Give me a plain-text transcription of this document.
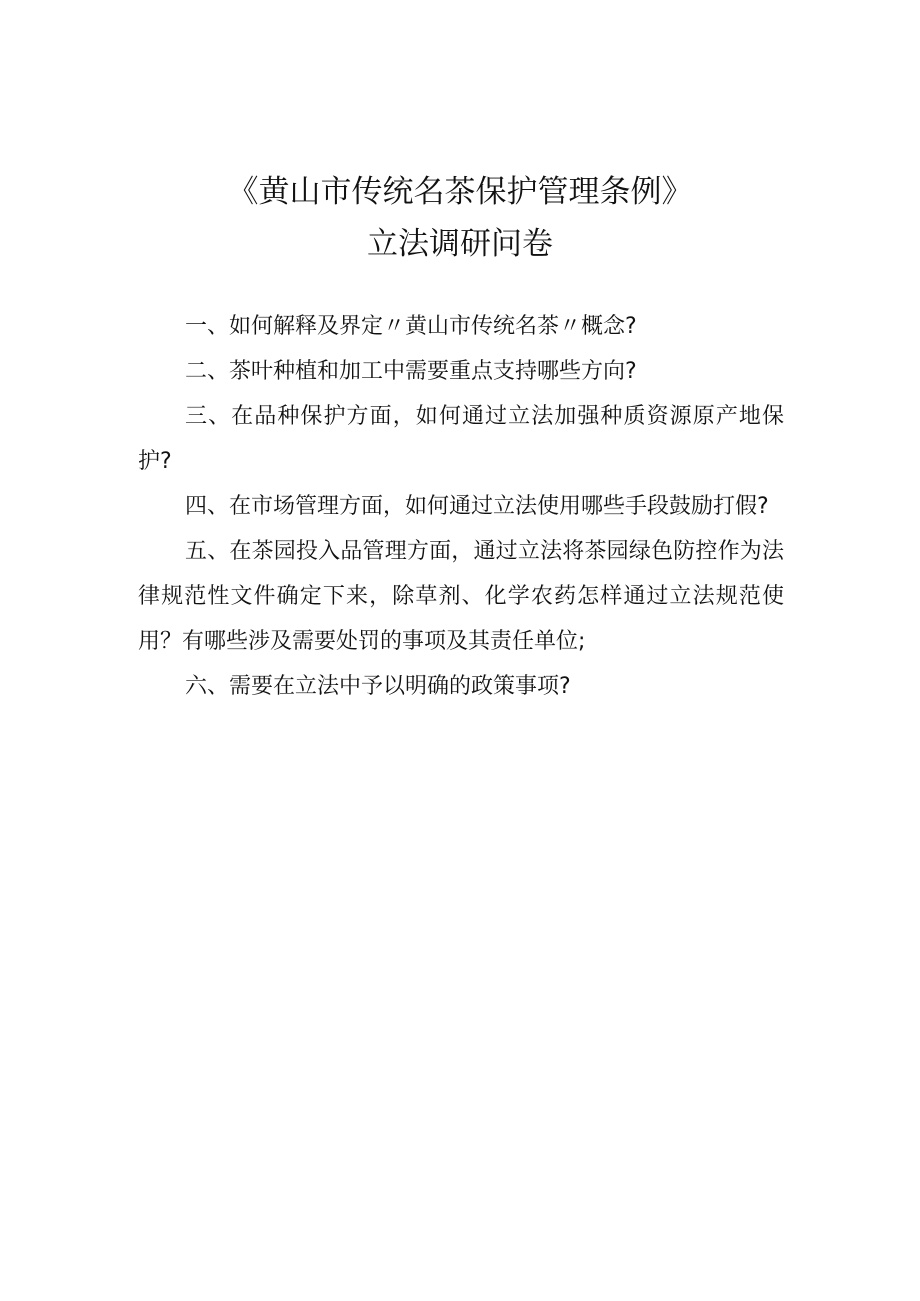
《黄山市传统名茶保护管理条例》
立法调研问卷

一、如何解释及界定〃黄山市传统名茶〃概念?

二、茶叶种植和加工中需要重点支持哪些方向?

三、在品种保护方面，如何通过立法加强种质资源原产地保护?

四、在市场管理方面，如何通过立法使用哪些手段鼓励打假?

五、在茶园投入品管理方面，通过立法将茶园绿色防控作为法律规范性文件确定下来，除草剂、化学农药怎样通过立法规范使用？有哪些涉及需要处罚的事项及其责任单位;

六、需要在立法中予以明确的政策事项?
